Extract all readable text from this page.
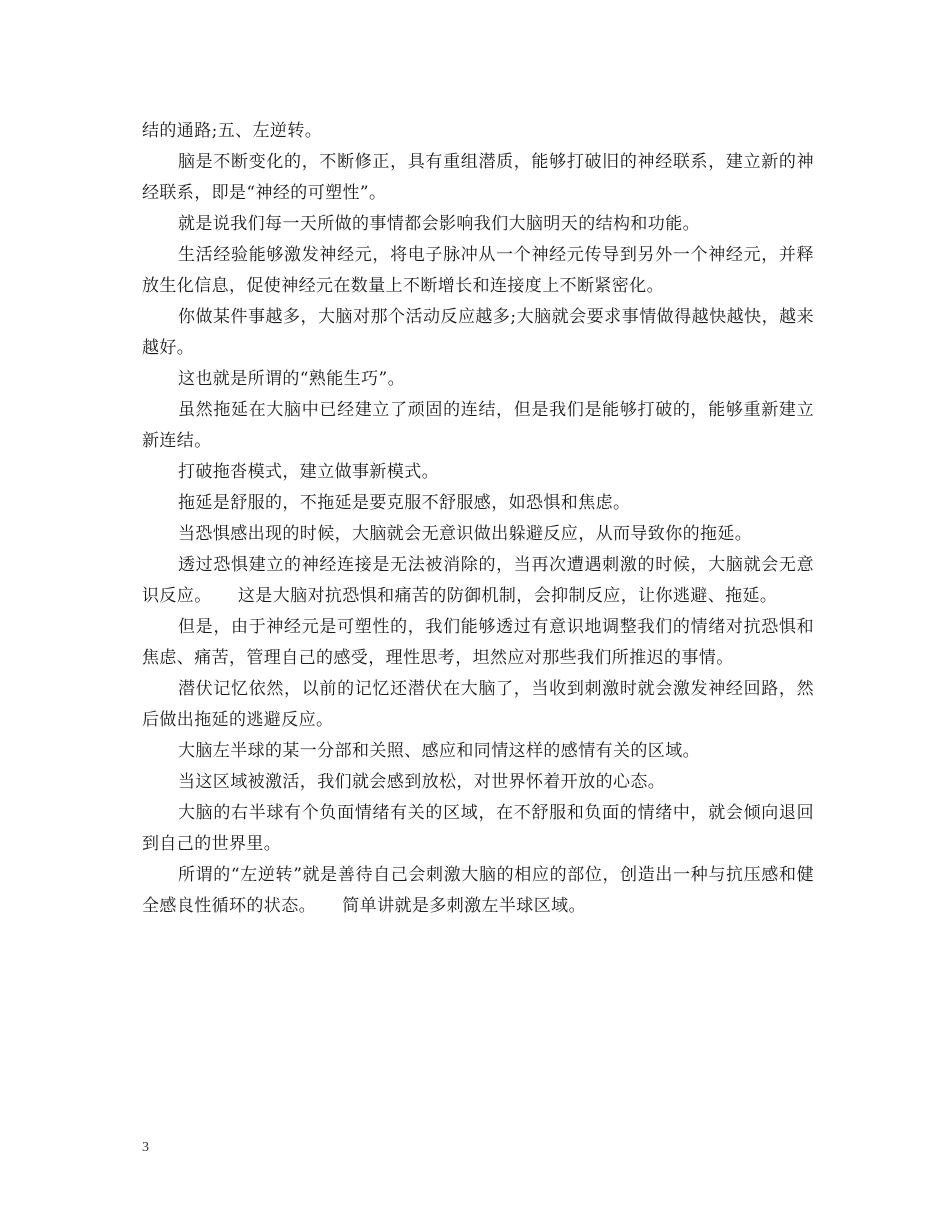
结的通路;五、左逆转。

脑是不断变化的，不断修正，具有重组潜质，能够打破旧的神经联系，建立新的神经联系，即是“神经的可塑性”。

就是说我们每一天所做的事情都会影响我们大脑明天的结构和功能。

生活经验能够激发神经元，将电子脉冲从一个神经元传导到另外一个神经元，并释放生化信息，促使神经元在数量上不断增长和连接度上不断紧密化。

你做某件事越多，大脑对那个活动反应越多;大脑就会要求事情做得越快越快，越来越好。

这也就是所谓的“熟能生巧”。

虽然拖延在大脑中已经建立了顽固的连结，但是我们是能够打破的，能够重新建立新连结。

打破拖沓模式，建立做事新模式。

拖延是舒服的，不拖延是要克服不舒服感，如恐惧和焦虑。

当恐惧感出现的时候，大脑就会无意识做出躲避反应，从而导致你的拖延。

透过恐惧建立的神经连接是无法被消除的，当再次遭遇刺激的时候，大脑就会无意识反应。　　这是大脑对抗恐惧和痛苦的防御机制，会抑制反应，让你逃避、拖延。

但是，由于神经元是可塑性的，我们能够透过有意识地调整我们的情绪对抗恐惧和焦虑、痛苦，管理自己的感受，理性思考，坦然应对那些我们所推迟的事情。

潜伏记忆依然，以前的记忆还潜伏在大脑了，当收到刺激时就会激发神经回路，然后做出拖延的逃避反应。

大脑左半球的某一分部和关照、感应和同情这样的感情有关的区域。

当这区域被激活，我们就会感到放松，对世界怀着开放的心态。

大脑的右半球有个负面情绪有关的区域，在不舒服和负面的情绪中，就会倾向退回到自己的世界里。

所谓的“左逆转”就是善待自己会刺激大脑的相应的部位，创造出一种与抗压感和健全感良性循环的状态。　　简单讲就是多刺激左半球区域。

3
